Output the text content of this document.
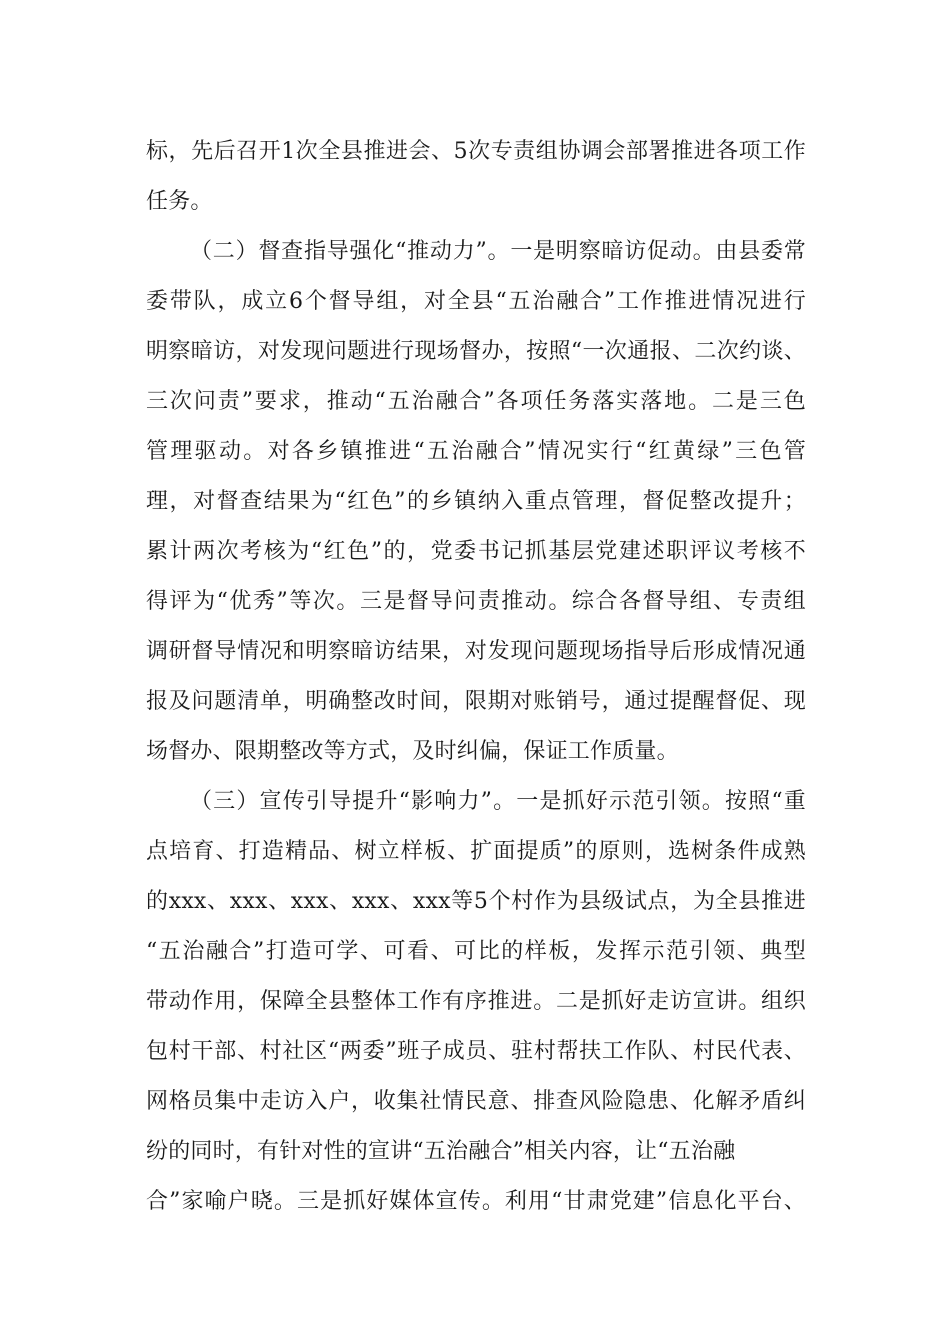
标，先后召开1次全县推进会、5次专责组协调会部署推进各项工作
任务。
（二）督查指导强化“推动力”。一是明察暗访促动。由县委常
委带队，成立6个督导组，对全县“五治融合”工作推进情况进行
明察暗访，对发现问题进行现场督办，按照“一次通报、二次约谈、
三次问责”要求，推动“五治融合”各项任务落实落地。二是三色
管理驱动。对各乡镇推进“五治融合”情况实行“红黄绿”三色管
理，对督查结果为“红色”的乡镇纳入重点管理，督促整改提升；
累计两次考核为“红色”的，党委书记抓基层党建述职评议考核不
得评为“优秀”等次。三是督导问责推动。综合各督导组、专责组
调研督导情况和明察暗访结果，对发现问题现场指导后形成情况通
报及问题清单，明确整改时间，限期对账销号，通过提醒督促、现
场督办、限期整改等方式，及时纠偏，保证工作质量。
（三）宣传引导提升“影响力”。一是抓好示范引领。按照“重
点培育、打造精品、树立样板、扩面提质”的原则，选树条件成熟
的xxx、xxx、xxx、xxx、xxx等5个村作为县级试点，为全县推进
“五治融合”打造可学、可看、可比的样板，发挥示范引领、典型
带动作用，保障全县整体工作有序推进。二是抓好走访宣讲。组织
包村干部、村社区“两委”班子成员、驻村帮扶工作队、村民代表、
网格员集中走访入户，收集社情民意、排查风险隐患、化解矛盾纠
纷的同时，有针对性的宣讲“五治融合”相关内容，让“五治融
合”家喻户晓。三是抓好媒体宣传。利用“甘肃党建”信息化平台、
